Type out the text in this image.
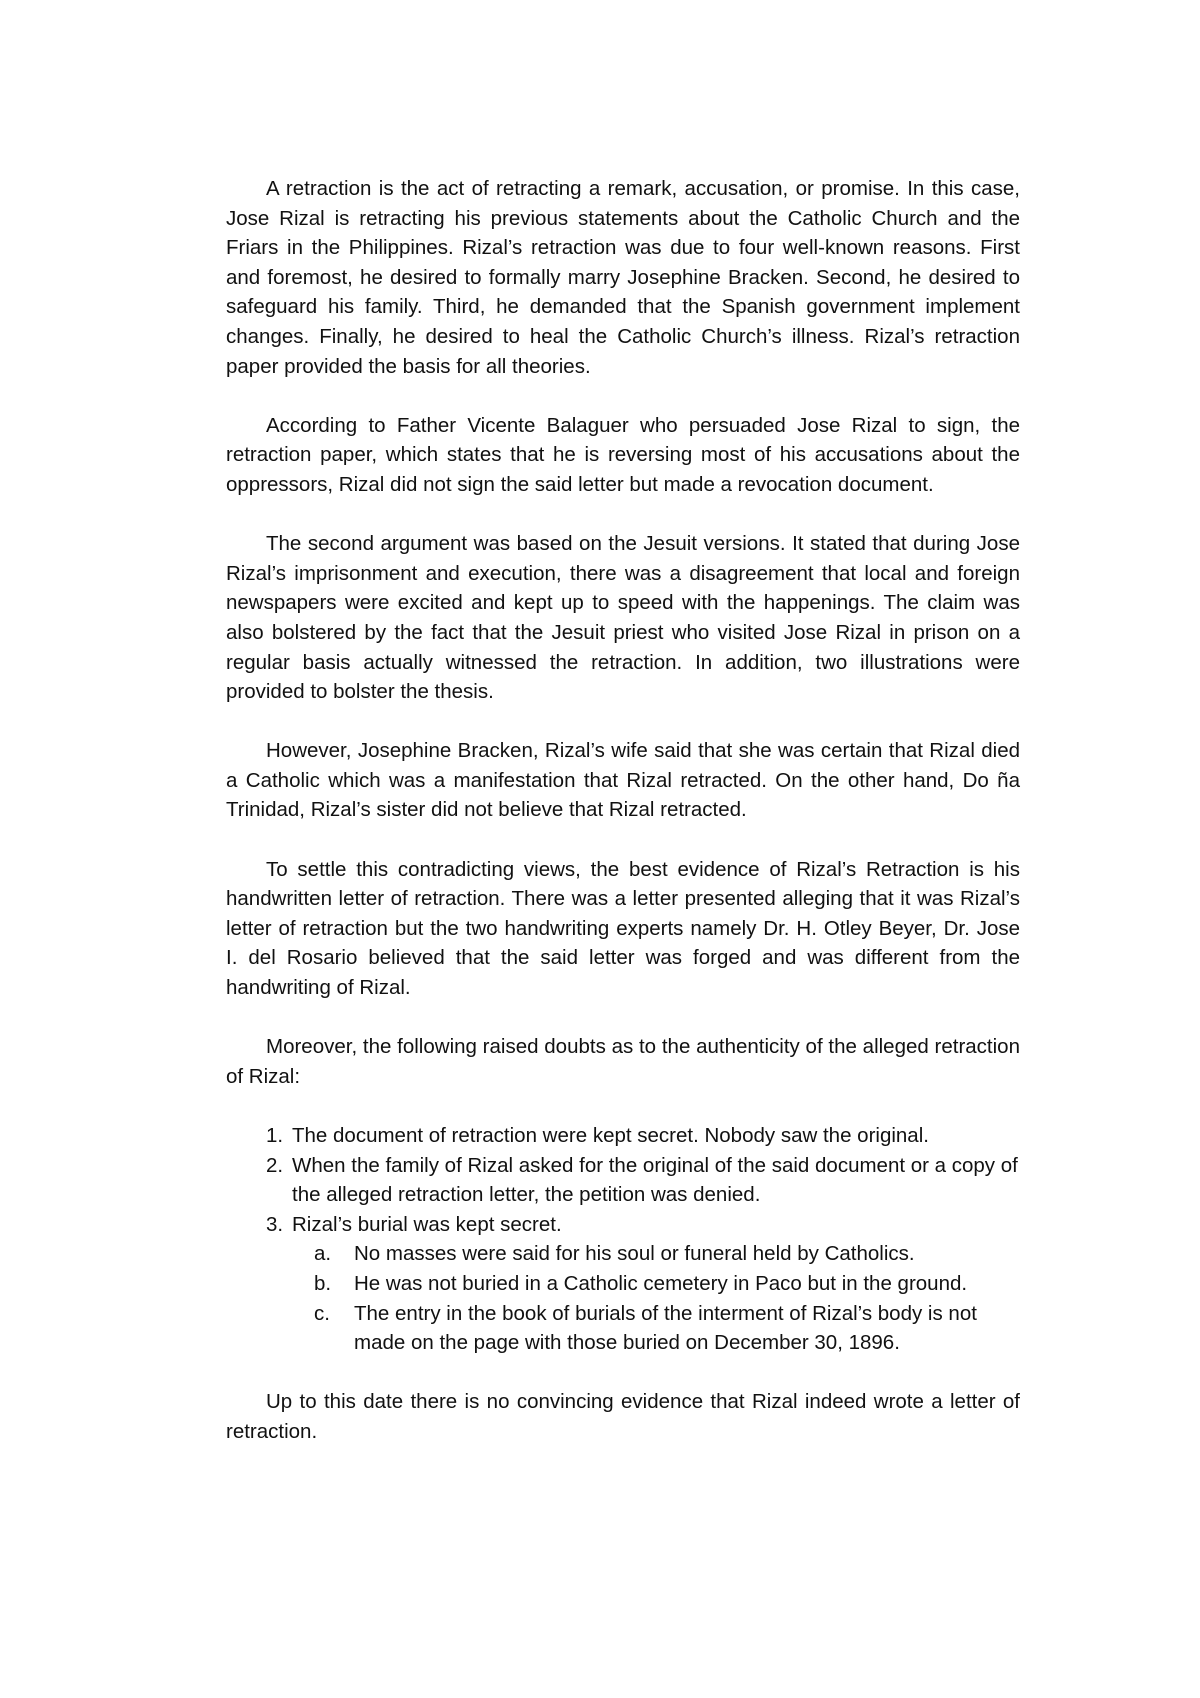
A retraction is the act of retracting a remark, accusation, or promise. In this case, Jose Rizal is retracting his previous statements about the Catholic Church and the Friars in the Philippines. Rizal’s retraction was due to four well-known reasons. First and foremost, he desired to formally marry Josephine Bracken. Second, he desired to safeguard his family. Third, he demanded that the Spanish government implement changes. Finally, he desired to heal the Catholic Church’s illness. Rizal’s retraction paper provided the basis for all theories.

According to Father Vicente Balaguer who persuaded Jose Rizal to sign, the retraction paper, which states that he is reversing most of his accusations about the oppressors, Rizal did not sign the said letter but made a revocation document.

The second argument was based on the Jesuit versions. It stated that during Jose Rizal’s imprisonment and execution, there was a disagreement that local and foreign newspapers were excited and kept up to speed with the happenings. The claim was also bolstered by the fact that the Jesuit priest who visited Jose Rizal in prison on a regular basis actually witnessed the retraction. In addition, two illustrations were provided to bolster the thesis.

However, Josephine Bracken, Rizal’s wife said that she was certain that Rizal died a Catholic which was a manifestation that Rizal retracted. On the other hand, Do ña Trinidad, Rizal’s sister did not believe that Rizal retracted.

To settle this contradicting views, the best evidence of Rizal’s Retraction is his handwritten letter of retraction. There was a letter presented alleging that it was Rizal’s letter of retraction but the two handwriting experts namely Dr. H. Otley Beyer, Dr. Jose I. del Rosario believed that the said letter was forged and was different from the handwriting of Rizal.

Moreover, the following raised doubts as to the authenticity of the alleged retraction of Rizal:

1. The document of retraction were kept secret. Nobody saw the original.
2. When the family of Rizal asked for the original of the said document or a copy of the alleged retraction letter, the petition was denied.
3. Rizal’s burial was kept secret.
a. No masses were said for his soul or funeral held by Catholics.
b. He was not buried in a Catholic cemetery in Paco but in the ground.
c. The entry in the book of burials of the interment of Rizal’s body is not made on the page with those buried on December 30, 1896.

Up to this date there is no convincing evidence that Rizal indeed wrote a letter of retraction.
